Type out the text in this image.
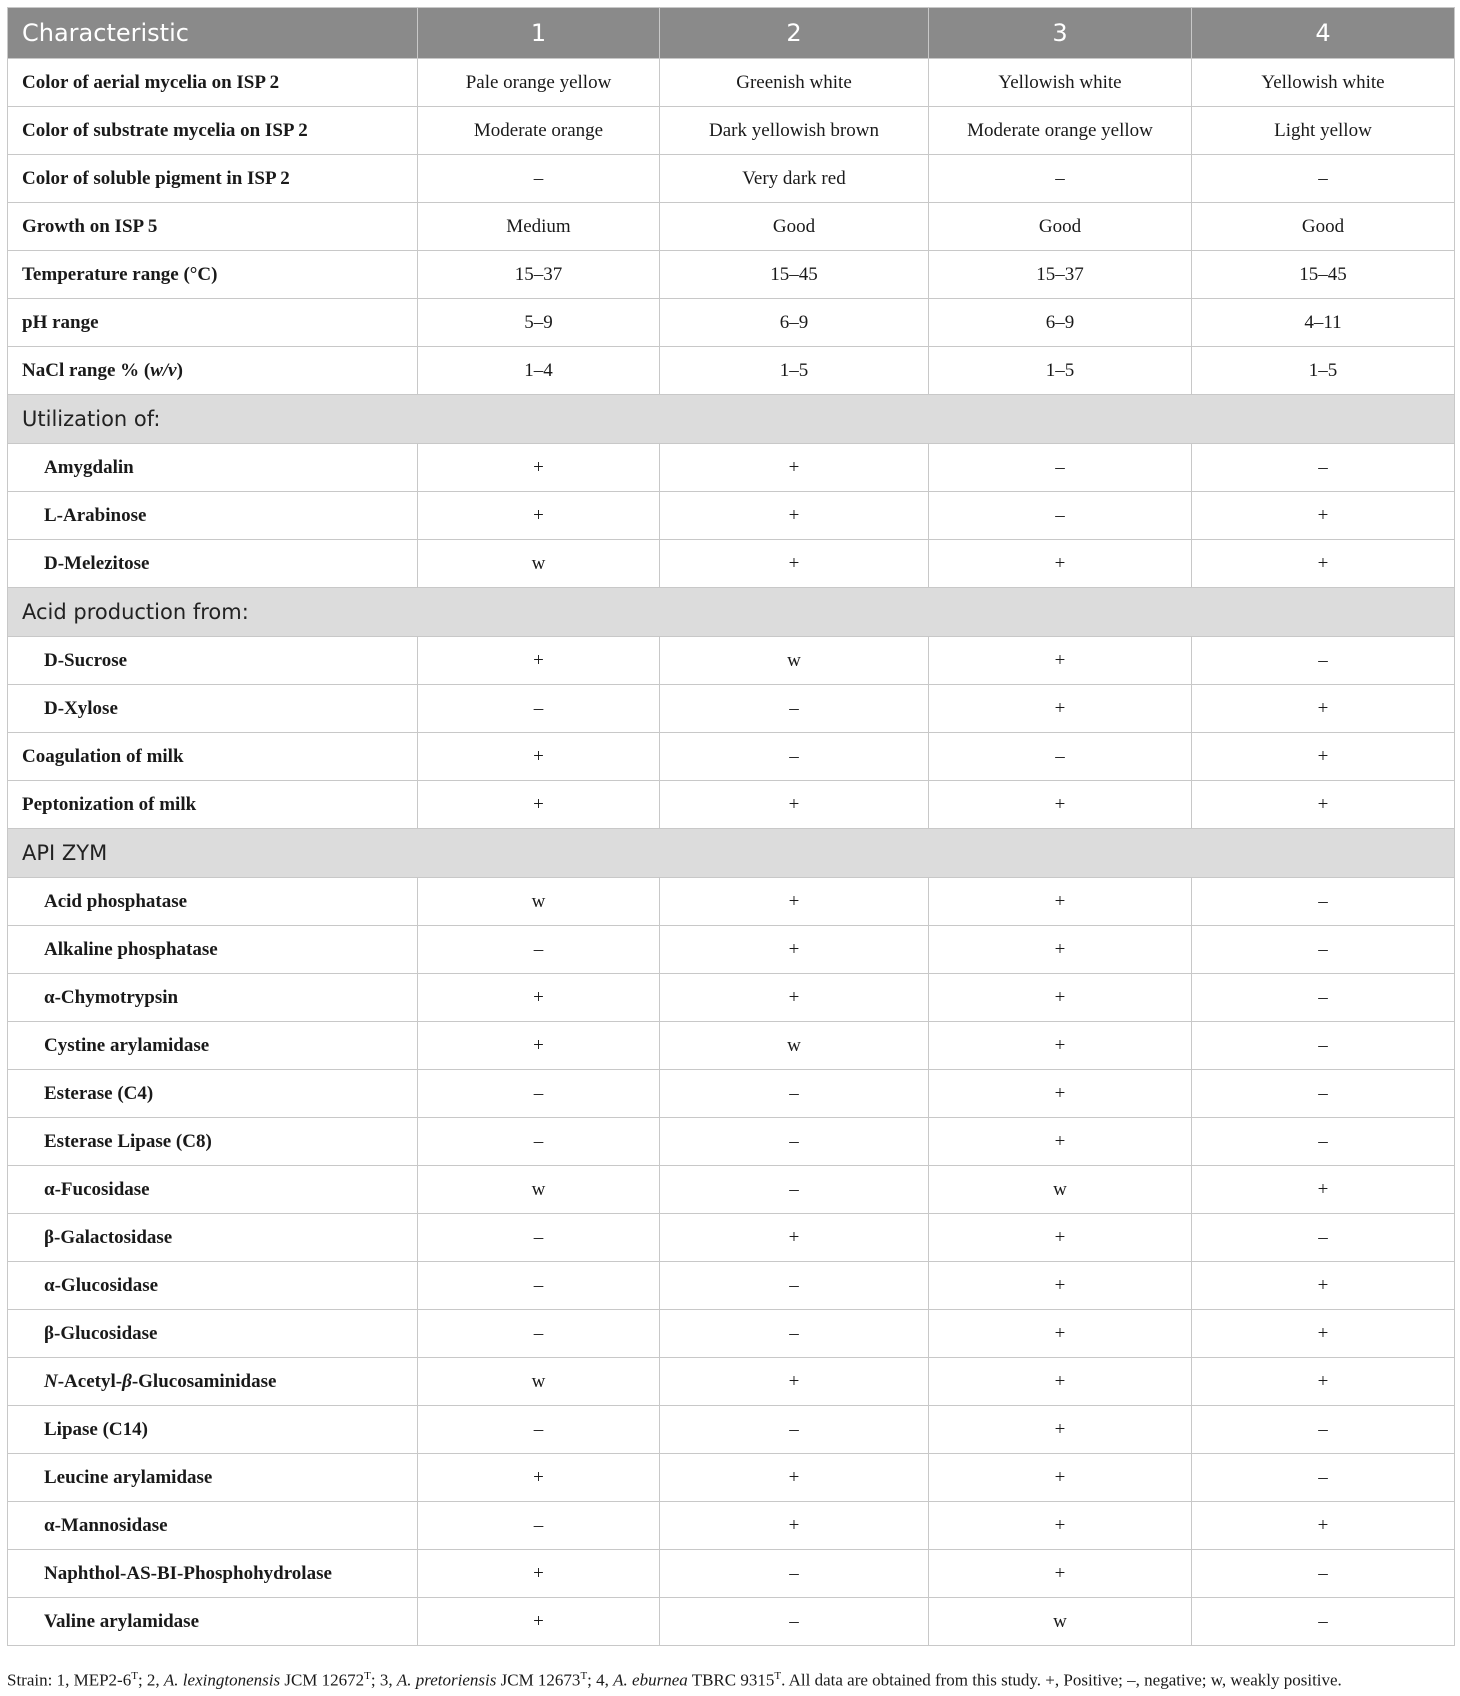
Characteristic	1	2	3	4
Color of aerial mycelia on ISP 2	Pale orange yellow	Greenish white	Yellowish white	Yellowish white
Color of substrate mycelia on ISP 2	Moderate orange	Dark yellowish brown	Moderate orange yellow	Light yellow
Color of soluble pigment in ISP 2	–	Very dark red	–	–
Growth on ISP 5	Medium	Good	Good	Good
Temperature range (°C)	15–37	15–45	15–37	15–45
pH range	5–9	6–9	6–9	4–11
NaCl range % (w/v)	1–4	1–5	1–5	1–5
Utilization of:				
Amygdalin	+	+	–	–
L-Arabinose	+	+	–	+
D-Melezitose	w	+	+	+
Acid production from:				
D-Sucrose	+	w	+	–
D-Xylose	–	–	+	+
Coagulation of milk	+	–	–	+
Peptonization of milk	+	+	+	+
API ZYM				
Acid phosphatase	w	+	+	–
Alkaline phosphatase	–	+	+	–
α-Chymotrypsin	+	+	+	–
Cystine arylamidase	+	w	+	–
Esterase (C4)	–	–	+	–
Esterase Lipase (C8)	–	–	+	–
α-Fucosidase	w	–	w	+
β-Galactosidase	–	+	+	–
α-Glucosidase	–	–	+	+
β-Glucosidase	–	–	+	+
N-Acetyl-β-Glucosaminidase	w	+	+	+
Lipase (C14)	–	–	+	–
Leucine arylamidase	+	+	+	–
α-Mannosidase	–	+	+	+
Naphthol-AS-BI-Phosphohydrolase	+	–	+	–
Valine arylamidase	+	–	w	–
Strain: 1, $MEP2-6^T$; 2, A. lexingtonensis JCM $12672^T$; 3, A. pretoriensis JCM $12673^T$; 4, A. eburnea TBRC $9315^T$. All data are obtained from this study. +, Positive; –, negative; w, weakly positive.
